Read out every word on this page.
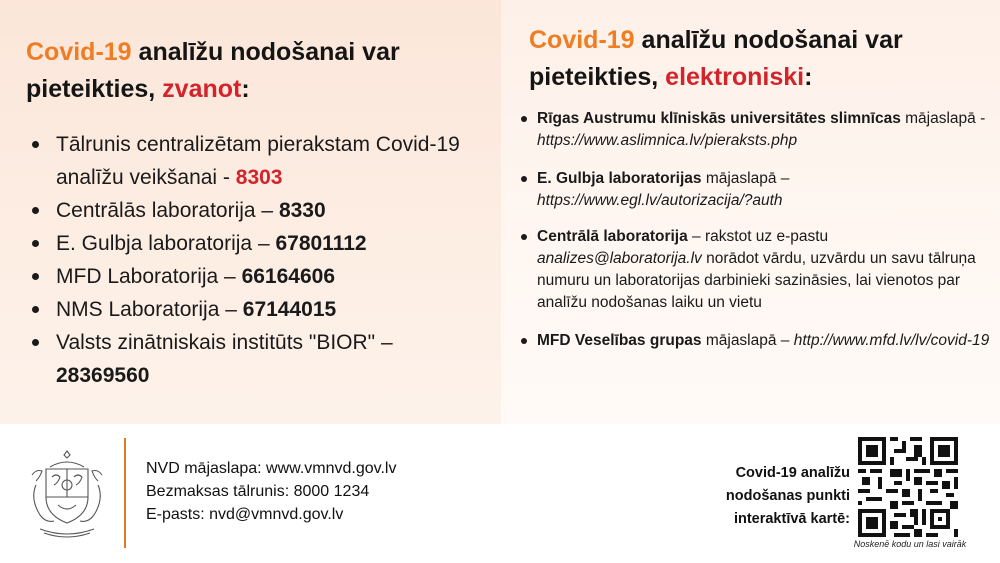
Covid-19 analīžu nodošanai var pieteikties, zvanot:
Tālrunis centralizētam pierakstam Covid-19 analīžu veikšanai - 8303
Centrālās laboratorija – 8330
E. Gulbja laboratorija – 67801112
MFD Laboratorija – 66164606
NMS Laboratorija – 67144015
Valsts zinātniskais institūts "BIOR" – 28369560
Covid-19 analīžu nodošanai var pieteikties, elektroniski:
Rīgas Austrumu klīniskās universitātes slimnīcas mājaslapā - https://www.aslimnica.lv/pieraksts.php
E. Gulbja laboratorijas mājaslapā – https://www.egl.lv/autorizacija/?auth
Centrālā laboratorija – rakstot uz e-pastu analizes@laboratorija.lv norādot vārdu, uzvārdu un savu tālruņa numuru un laboratorijas darbinieki sazināsies, lai vienotos par analīžu nodošanas laiku un vietu
MFD Veselības grupas mājaslapā – http://www.mfd.lv/lv/covid-19
NVD mājaslapa: www.vmnvd.gov.lv
Bezmaksas tālrunis: 8000 1234
E-pasts: nvd@vmnvd.gov.lv
Covid-19 analīžu nodošanas punkti interaktīvā kartē:
Noskenē kodu un lasi vairāk
